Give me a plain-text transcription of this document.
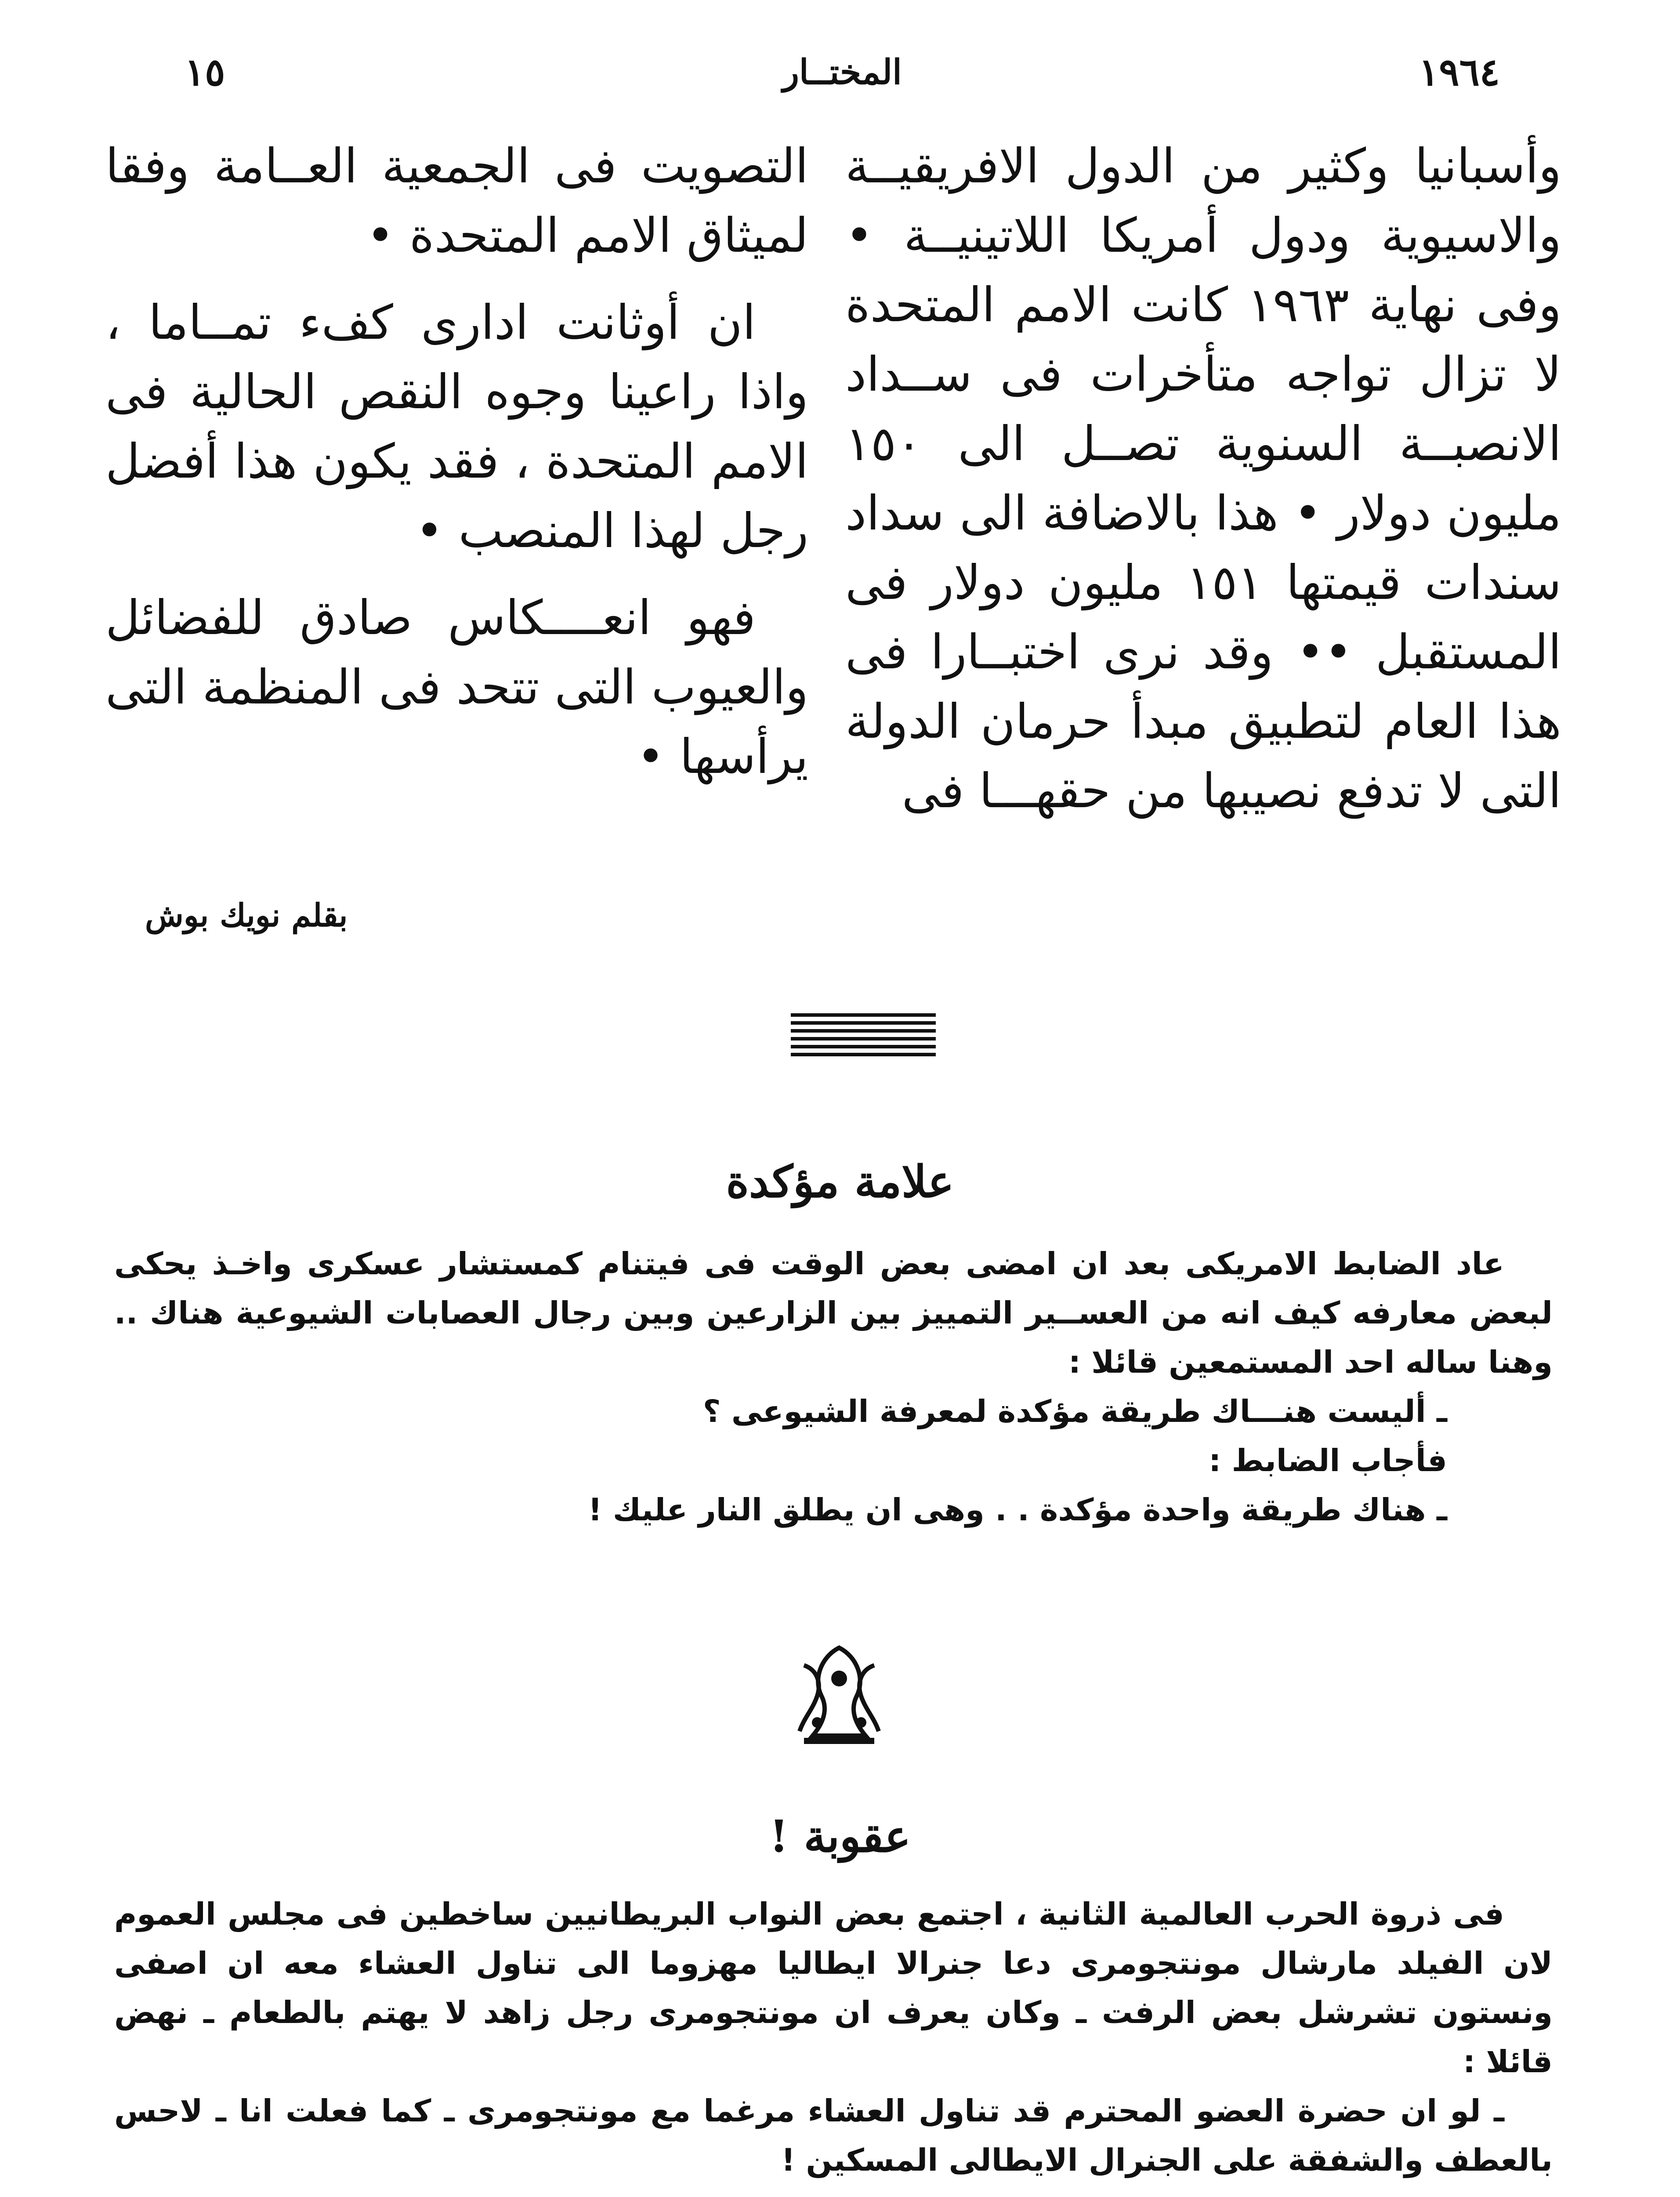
١٥	المختــار	١٩٦٤

وأسبانيا وكثير من الدول الافريقيــة والاسيوية ودول أمريكا اللاتينيــة • وفى نهاية ١٩٦٣ كانت الامم المتحدة لا تزال تواجه متأخرات فى ســداد الانصبــة السنوية تصــل الى ١٥٠ مليون دولار • هذا بالاضافة الى سداد سندات قيمتها ١٥١ مليون دولار فى المستقبل •• وقد نرى اختبــارا فى هذا العام لتطبيق مبدأ حرمان الدولة التى لا تدفع نصيبها من حقهـــا فى

التصويت فى الجمعية العــامة وفقا لميثاق الامم المتحدة •

ان أوثانت ادارى كفء تمــاما ، واذا راعينا وجوه النقص الحالية فى الامم المتحدة ، فقد يكون هذا أفضل رجل لهذا المنصب •

فهو انعــــكاس صادق للفضائل والعيوب التى تتحد فى المنظمة التى يرأسها •

بقلم نويك بوش
علامة مؤكدة

عاد الضابط الامريكى بعد ان امضى بعض الوقت فى فيتنام كمستشار عسكرى واخـذ يحكى لبعض معارفه كيف انه من العســير التمييز بين الزارعين وبين رجال العصابات الشيوعية هناك .. وهنا ساله احد المستمعين قائلا :

ـ أليست هنـــاك طريقة مؤكدة لمعرفة الشيوعى ؟

فأجاب الضابط :

ـ هناك طريقة واحدة مؤكدة . . وهى ان يطلق النار عليك !

عقوبة !

فى ذروة الحرب العالمية الثانية ، اجتمع بعض النواب البريطانيين ساخطين فى مجلس العموم لان الفيلد مارشال مونتجومرى دعا جنرالا ايطاليا مهزوما الى تناول العشاء معه ان اصفى ونستون تشرشل بعض الرفت ـ وكان يعرف ان مونتجومرى رجل زاهد لا يهتم بالطعام ـ نهض قائلا :

ـ لو ان حضرة العضو المحترم قد تناول العشاء مرغما مع مونتجومرى ـ كما فعلت انا ـ لاحس بالعطف والشفقة على الجنرال الايطالى المسكين !
